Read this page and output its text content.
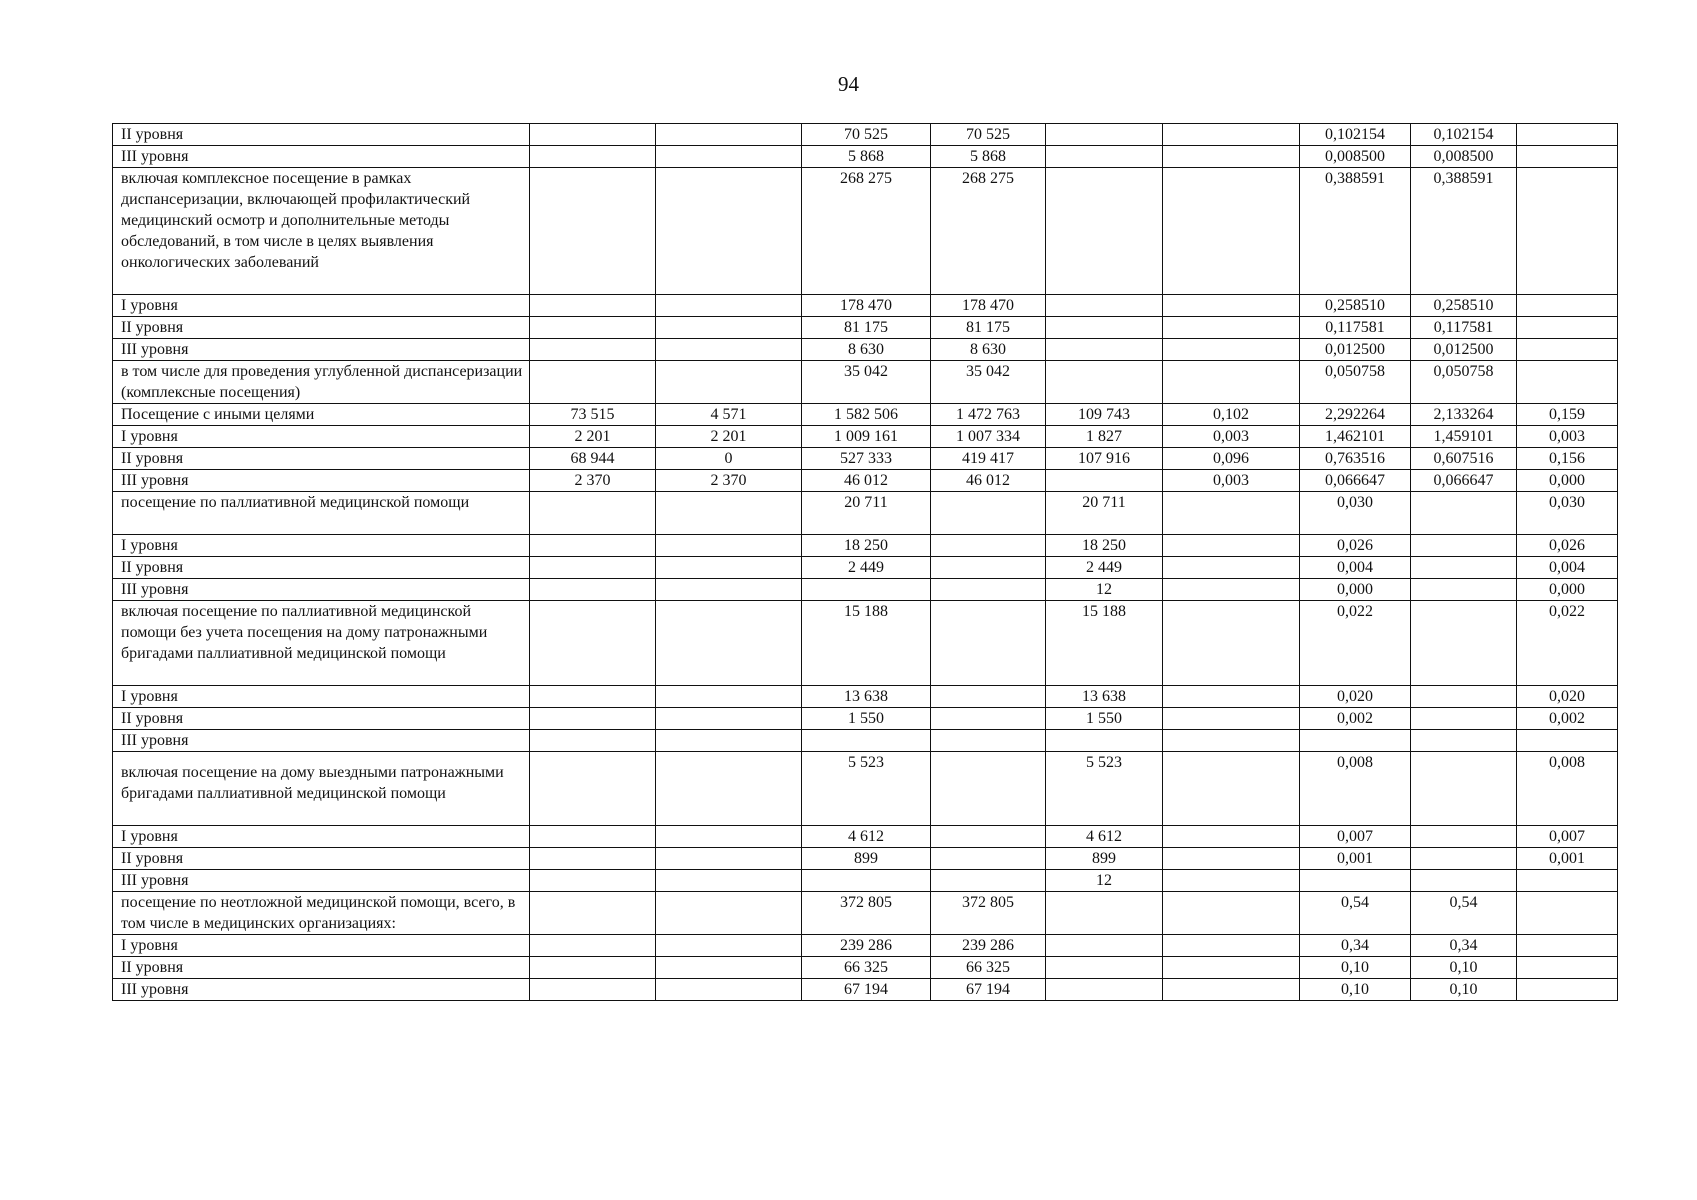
94
II уровня			70 525	70 525			0,102154	0,102154	
III уровня			5 868	5 868			0,008500	0,008500	
включая комплексное посещение в рамках диспансеризации, включающей профилактический медицинский осмотр и дополнительные методы обследований, в том числе в целях выявления онкологических заболеваний			268 275	268 275			0,388591	0,388591	
I уровня			178 470	178 470			0,258510	0,258510	
II уровня			81 175	81 175			0,117581	0,117581	
III уровня			8 630	8 630			0,012500	0,012500	
в том числе для проведения углубленной диспансеризации (комплексные посещения)			35 042	35 042			0,050758	0,050758	
Посещение с иными целями	73 515	4 571	1 582 506	1 472 763	109 743	0,102	2,292264	2,133264	0,159
I уровня	2 201	2 201	1 009 161	1 007 334	1 827	0,003	1,462101	1,459101	0,003
II уровня	68 944	0	527 333	419 417	107 916	0,096	0,763516	0,607516	0,156
III уровня	2 370	2 370	46 012	46 012		0,003	0,066647	0,066647	0,000
посещение по паллиативной медицинской помощи			20 711		20 711		0,030		0,030
I уровня			18 250		18 250		0,026		0,026
II уровня			2 449		2 449		0,004		0,004
III уровня					12		0,000		0,000
включая посещение по паллиативной медицинской помощи без учета посещения на дому патронажными бригадами паллиативной медицинской помощи			15 188		15 188		0,022		0,022
I уровня			13 638		13 638		0,020		0,020
II уровня			1 550		1 550		0,002		0,002
III уровня									
включая посещение на дому выездными патронажными бригадами паллиативной медицинской помощи			5 523		5 523		0,008		0,008
I уровня			4 612		4 612		0,007		0,007
II уровня			899		899		0,001		0,001
III уровня					12				
посещение по неотложной медицинской помощи, всего, в том числе в медицинских организациях:			372 805	372 805			0,54	0,54	
I уровня			239 286	239 286			0,34	0,34	
II уровня			66 325	66 325			0,10	0,10	
III уровня			67 194	67 194			0,10	0,10	
